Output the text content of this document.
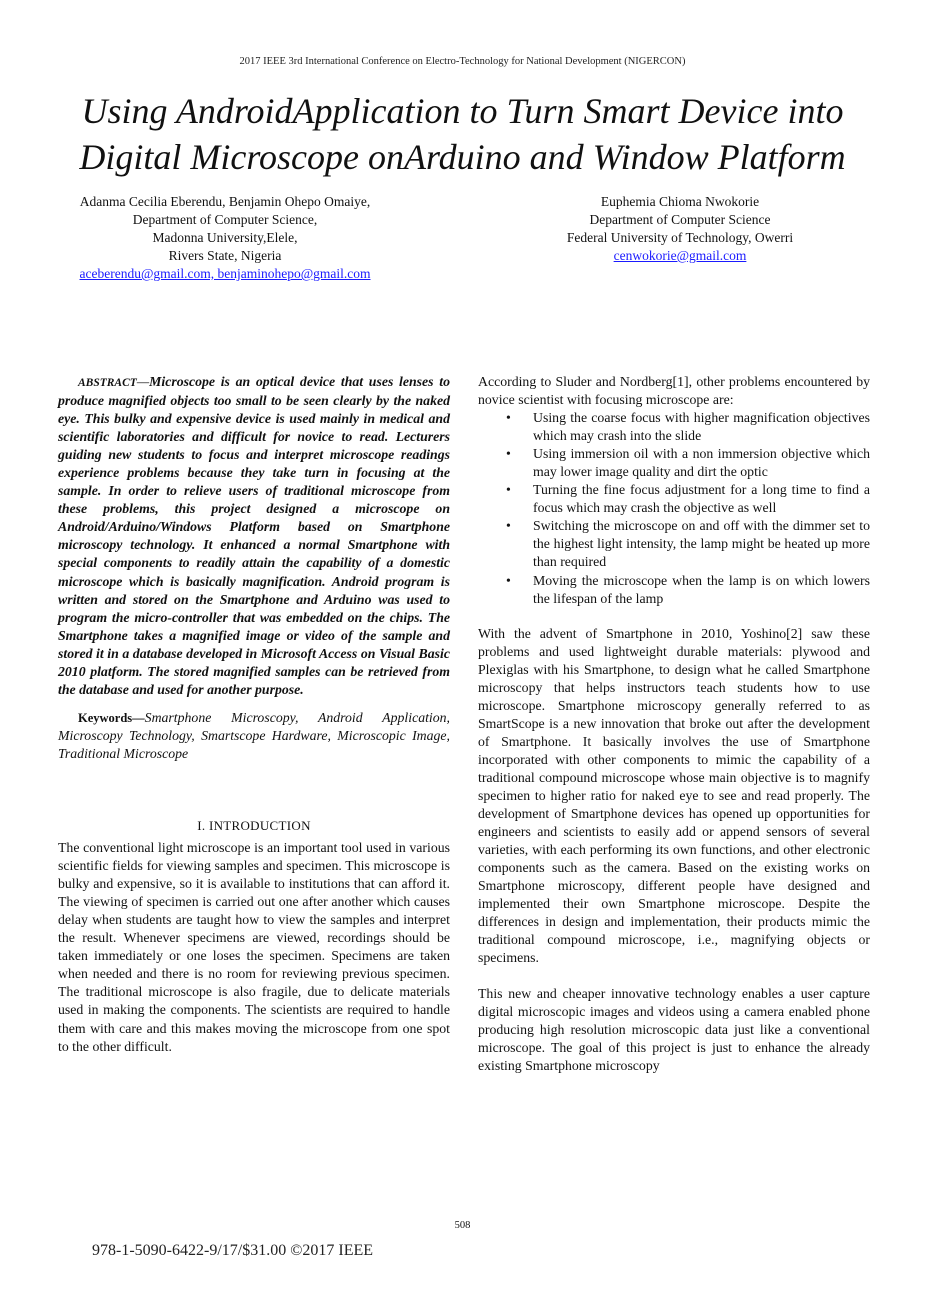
2017 IEEE 3rd International Conference on Electro-Technology for National Development (NIGERCON)
Using AndroidApplication to Turn Smart Device into
Digital Microscope onArduino and Window Platform
Adanma Cecilia Eberendu, Benjamin Ohepo Omaiye,
Department of Computer Science,
Madonna University,Elele,
Rivers State, Nigeria
aceberendu@gmail.com, benjaminohepo@gmail.com
Euphemia Chioma Nwokorie
Department of Computer Science
Federal University of Technology, Owerri
cenwokorie@gmail.com

ABSTRACT—Microscope is an optical device that uses lenses to produce magnified objects too small to be seen clearly by the naked eye. This bulky and expensive device is used mainly in medical and scientific laboratories and difficult for novice to read. Lecturers guiding new students to focus and interpret microscope readings experience problems because they take turn in focusing at the sample. In order to relieve users of traditional microscope from these problems, this project designed a microscope on Android/Arduino/Windows Platform based on Smartphone microscopy technology. It enhanced a normal Smartphone with special components to readily attain the capability of a domestic microscope which is basically magnification. Android program is written and stored on the Smartphone and Arduino was used to program the micro-controller that was embedded on the chips. The Smartphone takes a magnified image or video of the sample and stored it in a database developed in Microsoft Access on Visual Basic 2010 platform. The stored magnified samples can be retrieved from the database and used for another purpose.

Keywords—Smartphone Microscopy, Android Application, Microscopy Technology, Smartscope Hardware, Microscopic Image, Traditional Microscope

I. INTRODUCTION

The conventional light microscope is an important tool used in various scientific fields for viewing samples and specimen. This microscope is bulky and expensive, so it is available to institutions that can afford it. The viewing of specimen is carried out one after another which causes delay when students are taught how to view the samples and interpret the result. Whenever specimens are viewed, recordings should be taken immediately or one loses the specimen. Specimens are taken when needed and there is no room for reviewing previous specimen. The traditional microscope is also fragile, due to delicate materials used in making the components. The scientists are required to handle them with care and this makes moving the microscope from one spot to the other difficult.

According to Sluder and Nordberg[1], other problems encountered by novice scientist with focusing microscope are:

• Using the coarse focus with higher magnification objectives which may crash into the slide
• Using immersion oil with a non immersion objective which may lower image quality and dirt the optic
• Turning the fine focus adjustment for a long time to find a focus which may crash the objective as well
• Switching the microscope on and off with the dimmer set to the highest light intensity, the lamp might be heated up more than required
• Moving the microscope when the lamp is on which lowers the lifespan of the lamp

With the advent of Smartphone in 2010, Yoshino[2] saw these problems and used lightweight durable materials: plywood and Plexiglas with his Smartphone, to design what he called Smartphone microscopy that helps instructors teach students how to use microscope. Smartphone microscopy generally referred to as SmartScope is a new innovation that broke out after the development of Smartphone. It basically involves the use of Smartphone incorporated with other components to mimic the capability of a traditional compound microscope whose main objective is to magnify specimen to higher ratio for naked eye to see and read properly. The development of Smartphone devices has opened up opportunities for engineers and scientists to easily add or append sensors of several varieties, with each performing its own functions, and other electronic components such as the camera. Based on the existing works on Smartphone microscopy, different people have designed and implemented their own Smartphone microscope. Despite the differences in design and implementation, their products mimic the traditional compound microscope, i.e., magnifying objects or specimens.

This new and cheaper innovative technology enables a user capture digital microscopic images and videos using a camera enabled phone producing high resolution microscopic data just like a conventional microscope. The goal of this project is just to enhance the already existing Smartphone microscopy

508
978-1-5090-6422-9/17/$31.00 ©2017 IEEE
